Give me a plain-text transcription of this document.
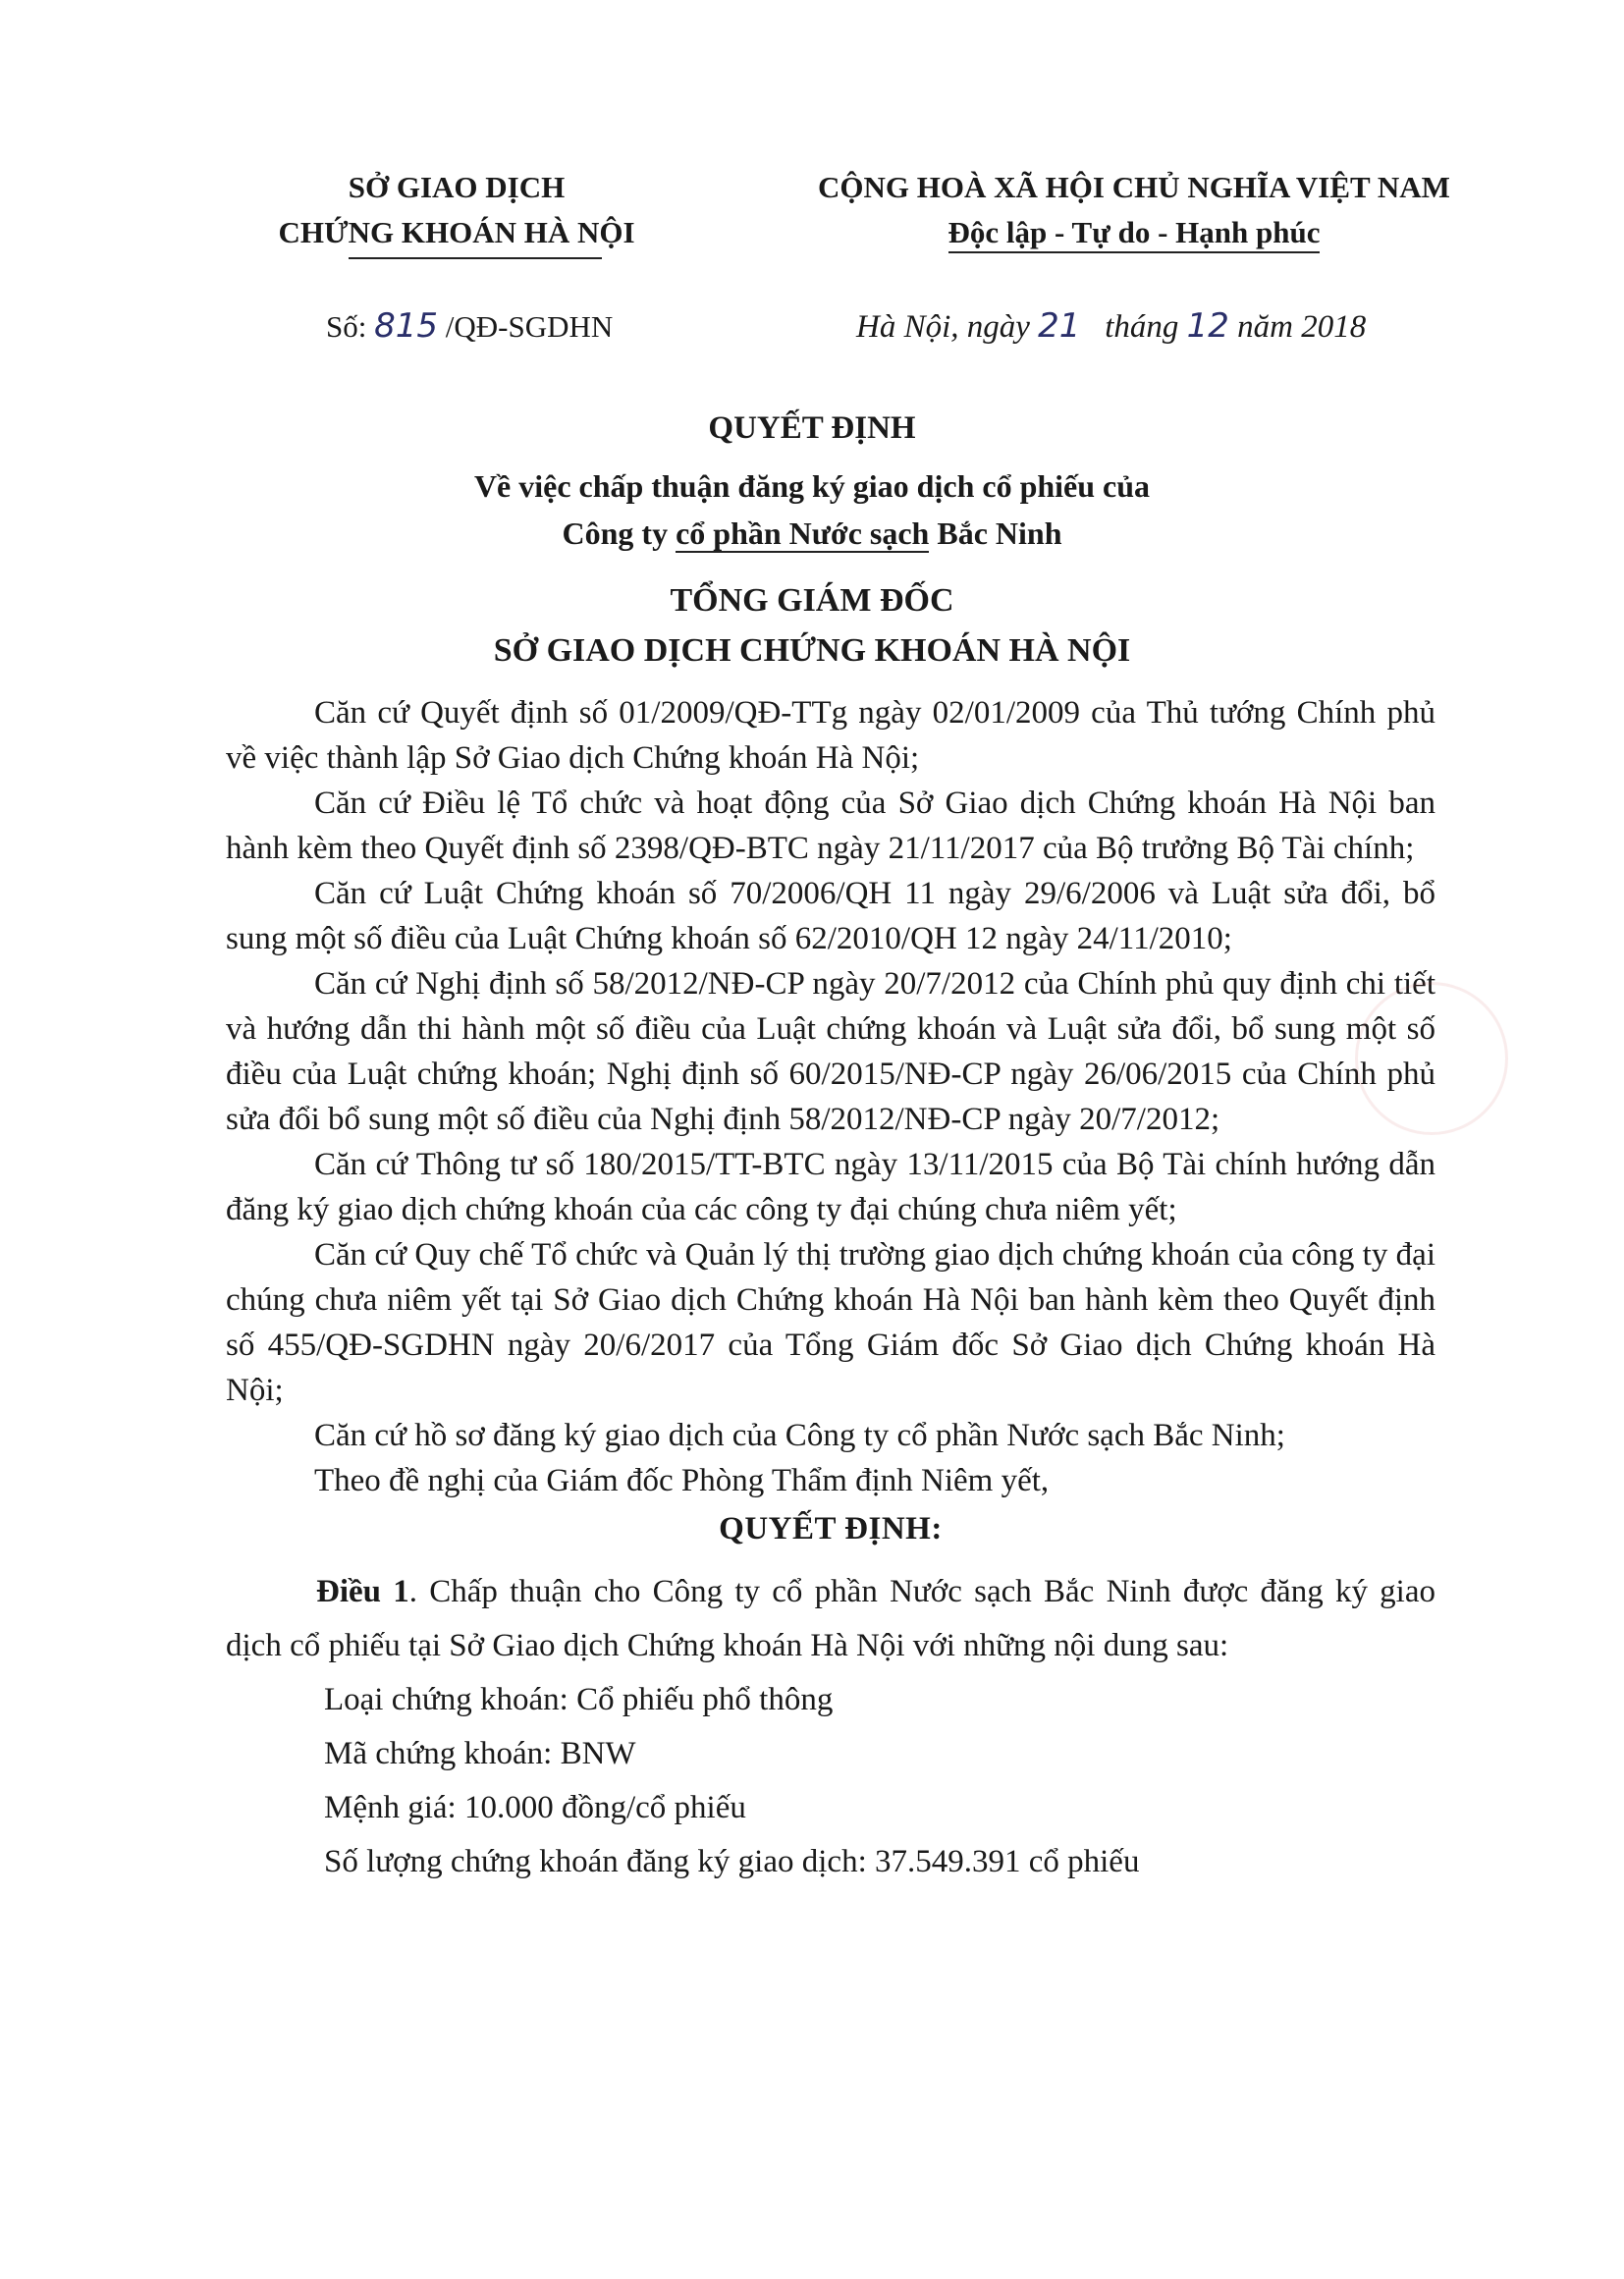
SỞ GIAO DỊCH
CHỨNG KHOÁN HÀ NỘI
CỘNG HOÀ XÃ HỘI CHỦ NGHĨA VIỆT NAM
Độc lập - Tự do - Hạnh phúc
Số: 815 /QĐ-SGDHN	Hà Nội, ngày 21 tháng 12 năm 2018
QUYẾT ĐỊNH
Về việc chấp thuận đăng ký giao dịch cổ phiếu của
Công ty cổ phần Nước sạch Bắc Ninh
TỔNG GIÁM ĐỐC
SỞ GIAO DỊCH CHỨNG KHOÁN HÀ NỘI

Căn cứ Quyết định số 01/2009/QĐ-TTg ngày 02/01/2009 của Thủ tướng Chính phủ về việc thành lập Sở Giao dịch Chứng khoán Hà Nội;

Căn cứ Điều lệ Tổ chức và hoạt động của Sở Giao dịch Chứng khoán Hà Nội ban hành kèm theo Quyết định số 2398/QĐ-BTC ngày 21/11/2017 của Bộ trưởng Bộ Tài chính;

Căn cứ Luật Chứng khoán số 70/2006/QH 11 ngày 29/6/2006 và Luật sửa đổi, bổ sung một số điều của Luật Chứng khoán số 62/2010/QH 12 ngày 24/11/2010;

Căn cứ Nghị định số 58/2012/NĐ-CP ngày 20/7/2012 của Chính phủ quy định chi tiết và hướng dẫn thi hành một số điều của Luật chứng khoán và Luật sửa đổi, bổ sung một số điều của Luật chứng khoán; Nghị định số 60/2015/NĐ-CP ngày 26/06/2015 của Chính phủ sửa đổi bổ sung một số điều của Nghị định 58/2012/NĐ-CP ngày 20/7/2012;

Căn cứ Thông tư số 180/2015/TT-BTC ngày 13/11/2015 của Bộ Tài chính hướng dẫn đăng ký giao dịch chứng khoán của các công ty đại chúng chưa niêm yết;

Căn cứ Quy chế Tổ chức và Quản lý thị trường giao dịch chứng khoán của công ty đại chúng chưa niêm yết tại Sở Giao dịch Chứng khoán Hà Nội ban hành kèm theo Quyết định số 455/QĐ-SGDHN ngày 20/6/2017 của Tổng Giám đốc Sở Giao dịch Chứng khoán Hà Nội;

Căn cứ hồ sơ đăng ký giao dịch của Công ty cổ phần Nước sạch Bắc Ninh;

Theo đề nghị của Giám đốc Phòng Thẩm định Niêm yết,

QUYẾT ĐỊNH:

Điều 1. Chấp thuận cho Công ty cổ phần Nước sạch Bắc Ninh được đăng ký giao dịch cổ phiếu tại Sở Giao dịch Chứng khoán Hà Nội với những nội dung sau:

Loại chứng khoán: Cổ phiếu phổ thông

Mã chứng khoán: BNW

Mệnh giá: 10.000 đồng/cổ phiếu

Số lượng chứng khoán đăng ký giao dịch: 37.549.391 cổ phiếu
